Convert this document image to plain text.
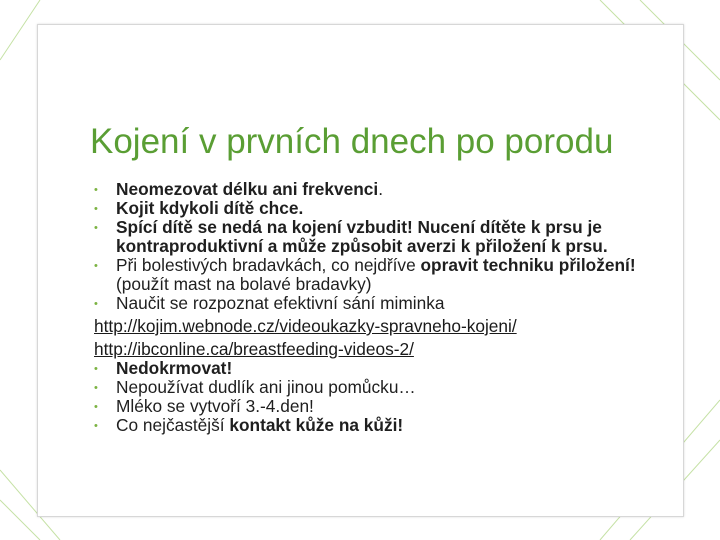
Kojení v prvních dnech po porodu
• Neomezovat délku ani frekvenci.
• Kojit kdykoli dítě chce.
• Spící dítě se nedá na kojení vzbudit! Nucení dítěte k prsu je kontraproduktivní a může způsobit averzi k přiložení k prsu.
• Při bolestivých bradavkách, co nejdříve opravit techniku přiložení! (použít mast na bolavé bradavky)
• Naučit se rozpoznat efektivní sání miminka
http://kojim.webnode.cz/videoukazky-spravneho-kojeni/
http://ibconline.ca/breastfeeding-videos-2/
• Nedokrmovat!
• Nepoužívat dudlík ani jinou pomůcku…
• Mléko se vytvoří 3.-4.den!
• Co nejčastější kontakt kůže na kůži!
